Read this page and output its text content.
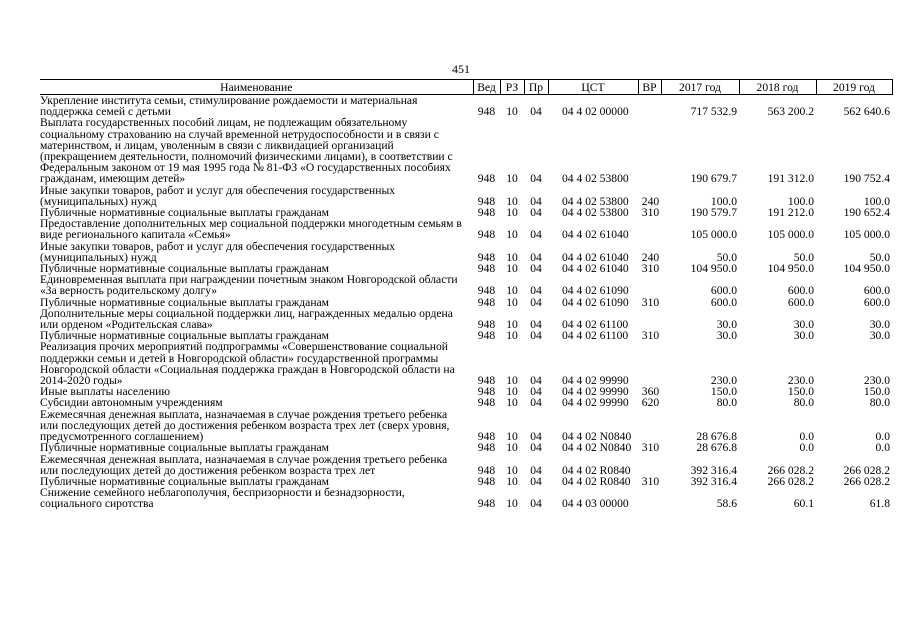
451
Наименование	Вед	РЗ	Пр	ЦСТ	ВР	2017 год	2018 год	2019 год
Укрепление института семьи, стимулирование рождаемости и материальная поддержка семей с детьми	948	10	04	04 4 02 00000		717 532.9	563 200.2	562 640.6
Выплата государственных пособий лицам, не подлежащим обязательному социальному страхованию на случай временной нетрудоспособности и в связи с материнством, и лицам, уволенным в связи с ликвидацией организаций (прекращением деятельности, полномочий физическими лицами), в соответствии с Федеральным законом от 19 мая 1995 года № 81-ФЗ «О государственных пособиях гражданам, имеющим детей»	948	10	04	04 4 02 53800		190 679.7	191 312.0	190 752.4
Иные закупки товаров, работ и услуг для обеспечения государственных (муниципальных) нужд	948	10	04	04 4 02 53800	240	100.0	100.0	100.0
Публичные нормативные социальные выплаты гражданам	948	10	04	04 4 02 53800	310	190 579.7	191 212.0	190 652.4
Предоставление дополнительных мер социальной поддержки многодетным семьям в виде регионального капитала «Семья»	948	10	04	04 4 02 61040		105 000.0	105 000.0	105 000.0
Иные закупки товаров, работ и услуг для обеспечения государственных (муниципальных) нужд	948	10	04	04 4 02 61040	240	50.0	50.0	50.0
Публичные нормативные социальные выплаты гражданам	948	10	04	04 4 02 61040	310	104 950.0	104 950.0	104 950.0
Единовременная выплата при награждении почетным знаком Новгородской области «За верность родительскому долгу»	948	10	04	04 4 02 61090		600.0	600.0	600.0
Публичные нормативные социальные выплаты гражданам	948	10	04	04 4 02 61090	310	600.0	600.0	600.0
Дополнительные меры социальной поддержки лиц, награжденных медалью ордена или орденом «Родительская слава»	948	10	04	04 4 02 61100		30.0	30.0	30.0
Публичные нормативные социальные выплаты гражданам	948	10	04	04 4 02 61100	310	30.0	30.0	30.0
Реализация прочих мероприятий подпрограммы «Совершенствование социальной поддержки семьи и детей в Новгородской области» государственной программы Новгородской области «Социальная поддержка граждан в Новгородской области на 2014-2020 годы»	948	10	04	04 4 02 99990		230.0	230.0	230.0
Иные выплаты населению	948	10	04	04 4 02 99990	360	150.0	150.0	150.0
Субсидии автономным учреждениям	948	10	04	04 4 02 99990	620	80.0	80.0	80.0
Ежемесячная денежная выплата, назначаемая в случае рождения третьего ребенка или последующих детей до достижения ребенком возраста трех лет (сверх уровня, предусмотренного соглашением)	948	10	04	04 4 02 N0840		28 676.8	0.0	0.0
Публичные нормативные социальные выплаты гражданам	948	10	04	04 4 02 N0840	310	28 676.8	0.0	0.0
Ежемесячная денежная выплата, назначаемая в случае рождения третьего ребенка или последующих детей до достижения ребенком возраста трех лет	948	10	04	04 4 02 R0840		392 316.4	266 028.2	266 028.2
Публичные нормативные социальные выплаты гражданам	948	10	04	04 4 02 R0840	310	392 316.4	266 028.2	266 028.2
Снижение семейного неблагополучия, беспризорности и безнадзорности, социального сиротства	948	10	04	04 4 03 00000		58.6	60.1	61.8
